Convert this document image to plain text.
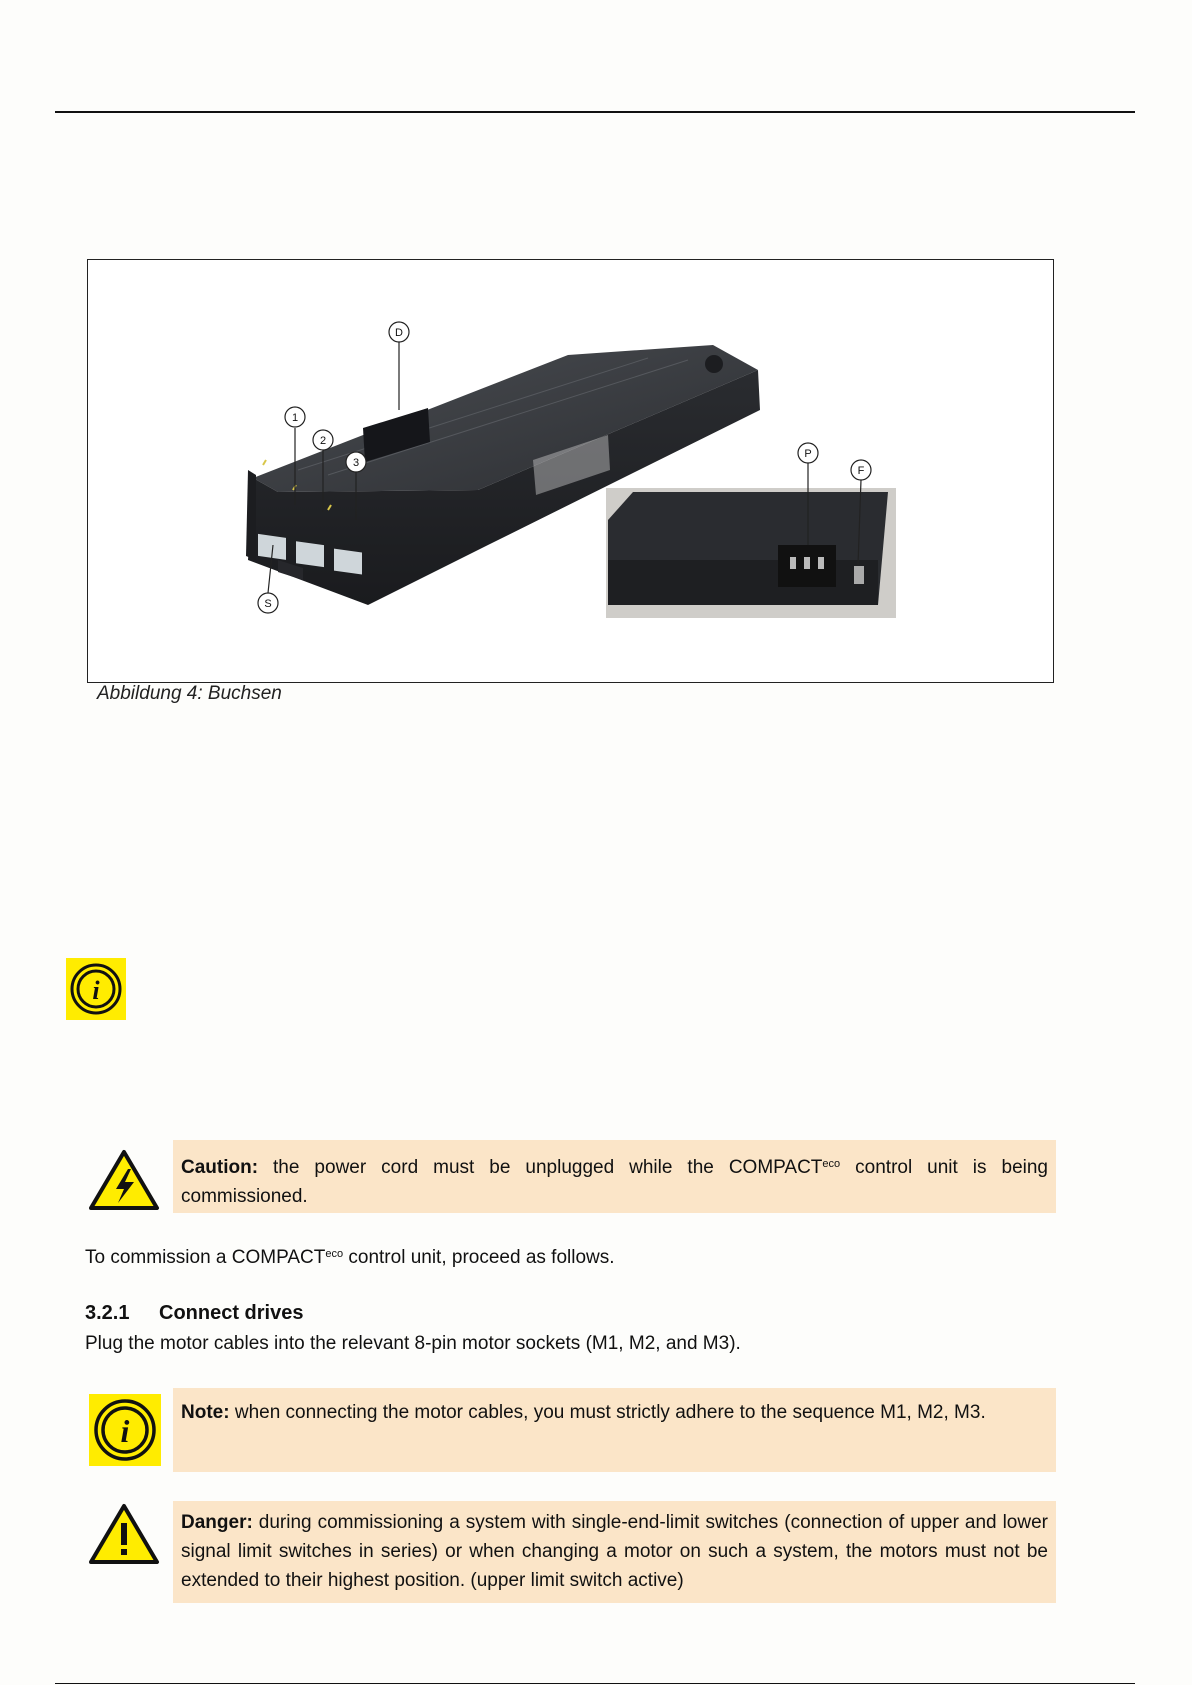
D
1
2
3
S
P
F
Abbildung 4: Buchsen
i
Caution: the power cord must be unplugged while the $COMPACT^{eco}$ control unit is being commissioned.
To commission a $COMPACT^{eco}$ control unit, proceed as follows.
3.2.1 Connect drives
Plug the motor cables into the relevant 8-pin motor sockets (M1, M2, and M3).
i
Note: when connecting the motor cables, you must strictly adhere to the sequence M1, M2, M3.
Danger: during commissioning a system with single-end-limit switches (connection of upper and lower signal limit switches in series) or when changing a motor on such a system, the motors must not be extended to their highest position. (upper limit switch active)
